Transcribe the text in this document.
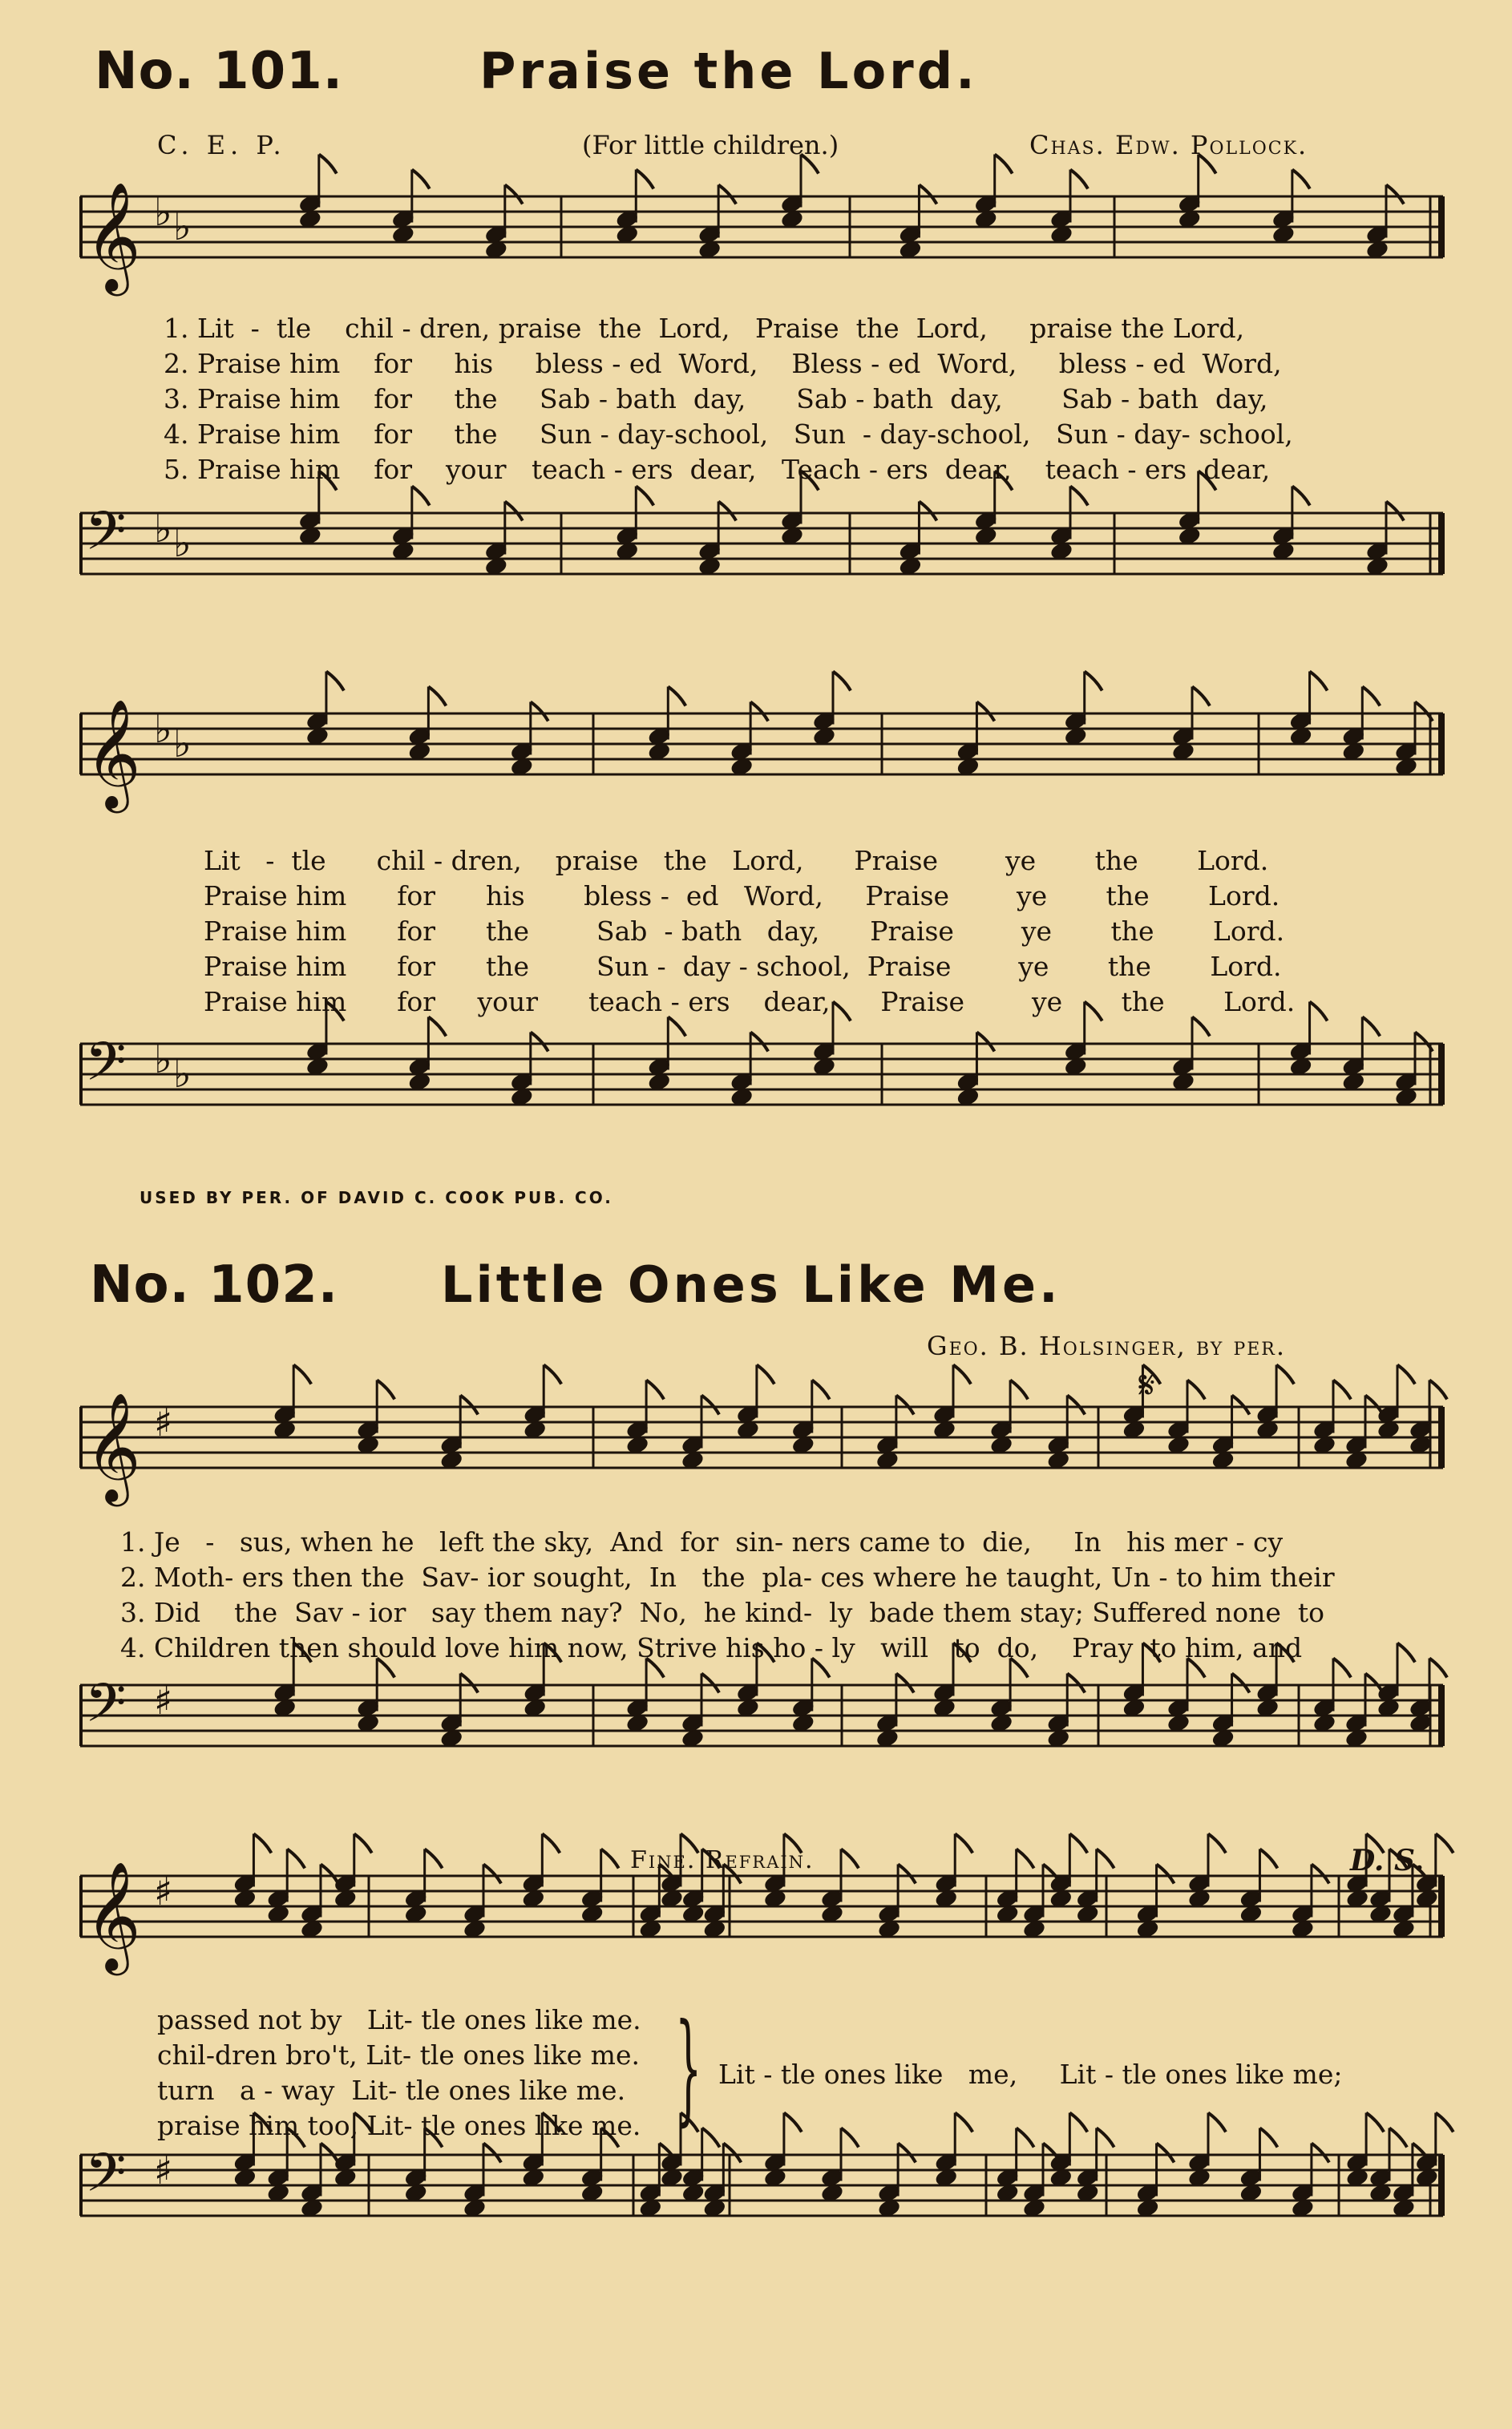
No. 101.	Praise the Lord.
C. E. P.	(For little children.)	Chas. Edw. Pollock.
𝄞 ♭ ♭
1. Lit  -  tle    chil - dren, praise  the  Lord,   Praise  the  Lord,     praise the Lord,
2. Praise him    for     his     bless - ed  Word,    Bless - ed  Word,     bless - ed  Word,
3. Praise him    for     the     Sab - bath  day,      Sab - bath  day,       Sab - bath  day,
4. Praise him    for     the     Sun - day-school,   Sun  - day-school,   Sun - day- school,
5. Praise him    for    your   teach - ers  dear,   Teach - ers  dear,    teach - ers  dear,
𝄢 ♭ ♭
𝄞 ♭ ♭
Lit   -  tle      chil - dren,    praise   the   Lord,      Praise        ye       the       Lord.
Praise him      for      his       bless -  ed   Word,     Praise        ye       the       Lord.
Praise him      for      the        Sab  - bath   day,      Praise        ye       the       Lord.
Praise him      for      the        Sun -  day - school,  Praise        ye       the       Lord.
Praise him      for     your      teach - ers    dear,      Praise        ye       the       Lord.
𝄢 ♭ ♭
USED BY PER. OF DAVID C. COOK PUB. CO.
No. 102. Little Ones Like Me.
Geo. B. Holsinger, by per.
𝄋
𝄞 ♯
1. Je   -   sus, when he   left the sky,  And  for  sin- ners came to  die,     In   his mer - cy
2. Moth- ers then the  Sav- ior sought,  In   the  pla- ces where he taught, Un - to him their
3. Did    the  Sav - ior   say them nay?  No,  he kind-  ly  bade them stay; Suffered none  to
4. Children then should love him now, Strive his ho - ly   will   to  do,    Pray  to him, and
𝄢 ♯
Fine. Refrain.	D. S.
𝄞 ♯
passed not by   Lit- tle ones like me.
chil-dren bro't, Lit- tle ones like me.
turn   a - way  Lit- tle ones like me.
praise him too, Lit- tle ones like me. } Lit - tle ones like   me,     Lit - tle ones like me;
𝄢 ♯
